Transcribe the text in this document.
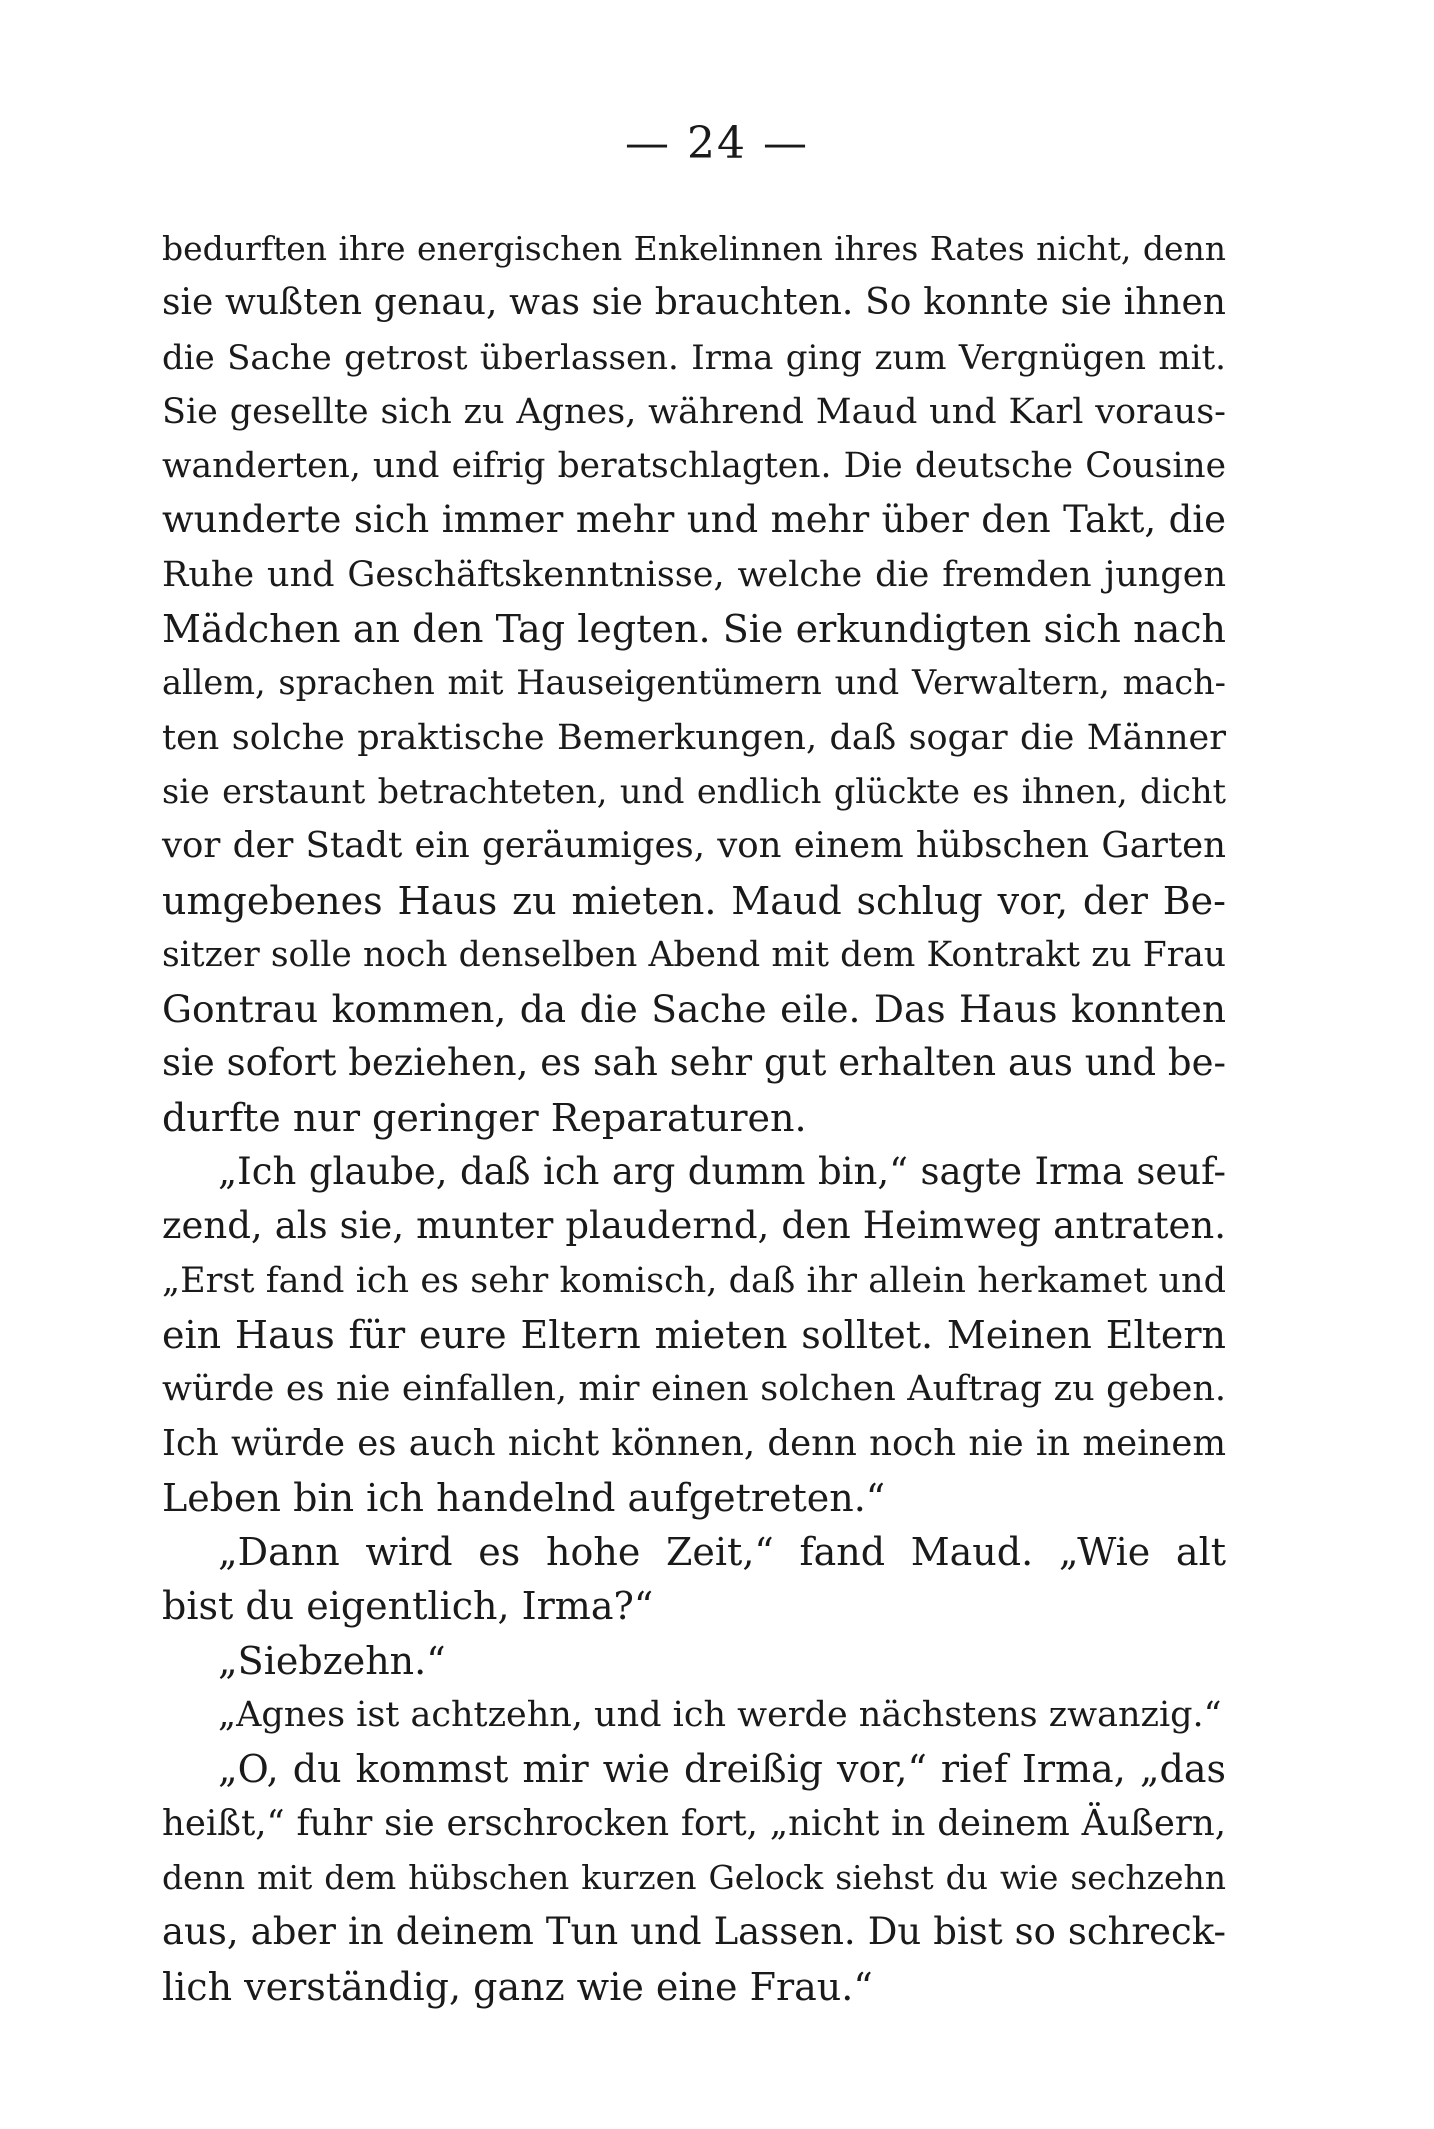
— 24 —
bedurften ihre energischen Enkelinnen ihres Rates nicht, denn
sie wußten genau, was sie brauchten. So konnte sie ihnen
die Sache getrost überlassen. Irma ging zum Vergnügen mit.
Sie gesellte sich zu Agnes, während Maud und Karl voraus-
wanderten, und eifrig beratschlagten. Die deutsche Cousine
wunderte sich immer mehr und mehr über den Takt, die
Ruhe und Geschäftskenntnisse, welche die fremden jungen
Mädchen an den Tag legten. Sie erkundigten sich nach
allem, sprachen mit Hauseigentümern und Verwaltern, mach-
ten solche praktische Bemerkungen, daß sogar die Männer
sie erstaunt betrachteten, und endlich glückte es ihnen, dicht
vor der Stadt ein geräumiges, von einem hübschen Garten
umgebenes Haus zu mieten. Maud schlug vor, der Be-
sitzer solle noch denselben Abend mit dem Kontrakt zu Frau
Gontrau kommen, da die Sache eile. Das Haus konnten
sie sofort beziehen, es sah sehr gut erhalten aus und be-
durfte nur geringer Reparaturen.
„Ich glaube, daß ich arg dumm bin,“ sagte Irma seuf-
zend, als sie, munter plaudernd, den Heimweg antraten.
„Erst fand ich es sehr komisch, daß ihr allein herkamet und
ein Haus für eure Eltern mieten solltet. Meinen Eltern
würde es nie einfallen, mir einen solchen Auftrag zu geben.
Ich würde es auch nicht können, denn noch nie in meinem
Leben bin ich handelnd aufgetreten.“
„Dann wird es hohe Zeit,“ fand Maud. „Wie alt
bist du eigentlich, Irma?“
„Siebzehn.“
„Agnes ist achtzehn, und ich werde nächstens zwanzig.“
„O, du kommst mir wie dreißig vor,“ rief Irma, „das
heißt,“ fuhr sie erschrocken fort, „nicht in deinem Äußern,
denn mit dem hübschen kurzen Gelock siehst du wie sechzehn
aus, aber in deinem Tun und Lassen. Du bist so schreck-
lich verständig, ganz wie eine Frau.“
